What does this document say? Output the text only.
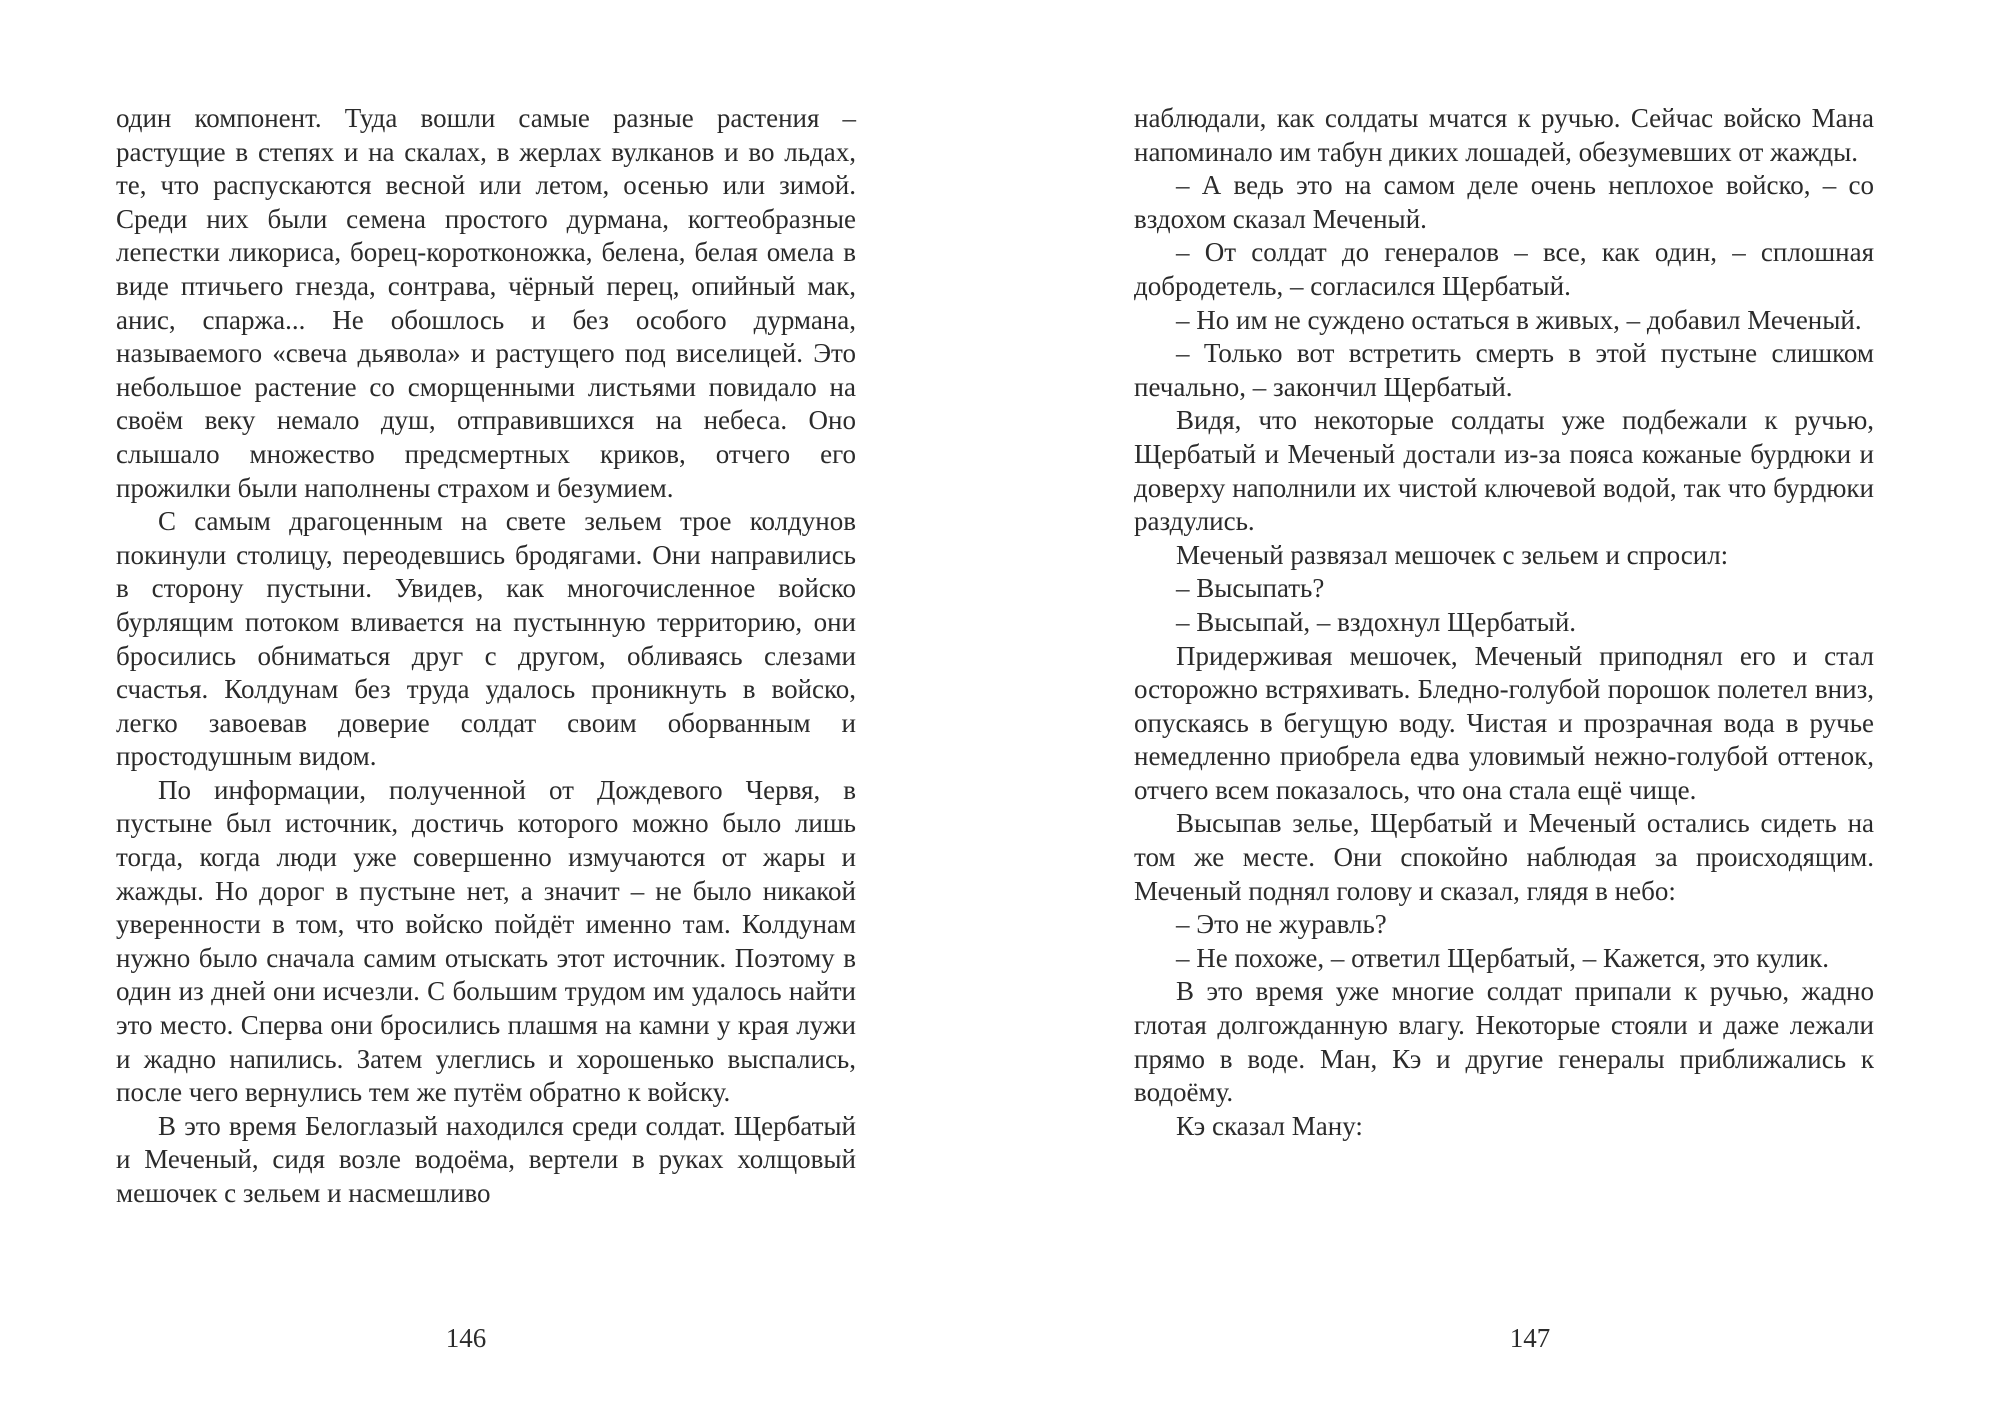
один компонент. Туда вошли самые разные растения – растущие в степях и на скалах, в жерлах вулканов и во льдах, те, что распускаются весной или летом, осенью или зимой. Среди них были семена простого дурмана, когтеобразные лепестки ликориса, борец-коротконожка, белена, белая омела в виде птичьего гнезда, сонтрава, чёрный перец, опийный мак, анис, спаржа... Не обошлось и без особого дурмана, называемого «свеча дьявола» и растущего под виселицей. Это небольшое растение со сморщенными листьями повидало на своём веку немало душ, отправившихся на небеса. Оно слышало множество предсмертных криков, отчего его прожилки были наполнены страхом и безумием.

С самым драгоценным на свете зельем трое колдунов покинули столицу, переодевшись бродягами. Они направились в сторону пустыни. Увидев, как многочисленное войско бурлящим потоком вливается на пустынную территорию, они бросились обниматься друг с другом, обливаясь слезами счастья. Колдунам без труда удалось проникнуть в войско, легко завоевав доверие солдат своим оборванным и простодушным видом.

По информации, полученной от Дождевого Червя, в пустыне был источник, достичь которого можно было лишь тогда, когда люди уже совершенно измучаются от жары и жажды. Но дорог в пустыне нет, а значит – не было никакой уверенности в том, что войско пойдёт именно там. Колдунам нужно было сначала самим отыскать этот источник. Поэтому в один из дней они исчезли. С большим трудом им удалось найти это место. Сперва они бросились плашмя на камни у края лужи и жадно напились. Затем улеглись и хорошенько выспались, после чего вернулись тем же путём обратно к войску.

В это время Белоглазый находился среди солдат. Щербатый и Меченый, сидя возле водоёма, вертели в руках холщовый мешочек с зельем и насмешливо

146

наблюдали, как солдаты мчатся к ручью. Сейчас войско Мана напоминало им табун диких лошадей, обезумевших от жажды.

– А ведь это на самом деле очень неплохое войско, – со вздохом сказал Меченый.

– От солдат до генералов – все, как один, – сплошная добродетель, – согласился Щербатый.

– Но им не суждено остаться в живых, – добавил Меченый.

– Только вот встретить смерть в этой пустыне слишком печально, – закончил Щербатый.

Видя, что некоторые солдаты уже подбежали к ручью, Щербатый и Меченый достали из-за пояса кожаные бурдюки и доверху наполнили их чистой ключевой водой, так что бурдюки раздулись.

Меченый развязал мешочек с зельем и спросил:

– Высыпать?

– Высыпай, – вздохнул Щербатый.

Придерживая мешочек, Меченый приподнял его и стал осторожно встряхивать. Бледно-голубой порошок полетел вниз, опускаясь в бегущую воду. Чистая и прозрачная вода в ручье немедленно приобрела едва уловимый нежно-голубой оттенок, отчего всем показалось, что она стала ещё чище.

Высыпав зелье, Щербатый и Меченый остались сидеть на том же месте. Они спокойно наблюдая за происходящим. Меченый поднял голову и сказал, глядя в небо:

– Это не журавль?

– Не похоже, – ответил Щербатый, – Кажется, это кулик.

В это время уже многие солдат припали к ручью, жадно глотая долгожданную влагу. Некоторые стояли и даже лежали прямо в воде. Ман, Кэ и другие генералы приближались к водоёму.

Кэ сказал Ману:

147
